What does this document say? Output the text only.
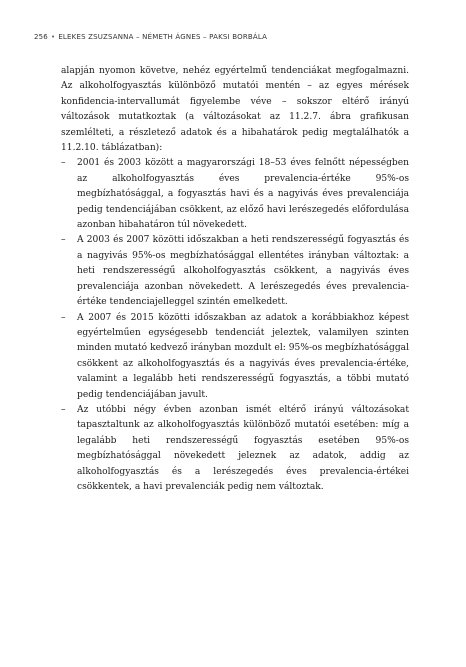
256 • ELEKES ZSUZSANNA – NÉMETH ÁGNES – PAKSI BORBÁLA

alapján nyomon követve, nehéz egyértelmű tendenciákat megfogalmazni. Az alkoholfogyasztás különböző mutatói mentén – az egyes mérések konfidencia-intervallumát figyelembe véve – sokszor eltérő irányú változások mutatkoztak (a változásokat az 11.2.7. ábra grafikusan szemlélteti, a részletező adatok és a hibahatárok pedig megtalálhatók a 11.2.10. táblázatban):

– 2001 és 2003 között a magyarországi 18–53 éves felnőtt népességben az alkoholfogyasztás éves prevalencia-értéke 95%-os megbízhatósággal, a fogyasztás havi és a nagyivás éves prevalenciája pedig tendenciájában csökkent, az előző havi lerészegedés előfordulása azonban hibahatáron túl növekedett.
– A 2003 és 2007 közötti időszakban a heti rendszerességű fogyasztás és a nagyivás 95%-os megbízhatósággal ellentétes irányban változtak: a heti rendszerességű alkoholfogyasztás csökkent, a nagyivás éves prevalenciája azonban növekedett. A lerészegedés éves prevalencia-értéke tendenciajelleggel szintén emelkedett.
– A 2007 és 2015 közötti időszakban az adatok a korábbiakhoz képest egyértelműen egységesebb tendenciát jeleztek, valamilyen szinten minden mutató kedvező irányban mozdult el: 95%-os megbízhatósággal csökkent az alkoholfogyasztás és a nagyivás éves prevalencia-értéke, valamint a legalább heti rendszerességű fogyasztás, a többi mutató pedig tendenciájában javult.
– Az utóbbi négy évben azonban ismét eltérő irányú változásokat tapasztaltunk az alkoholfogyasztás különböző mutatói esetében: míg a legalább heti rendszerességű fogyasztás esetében 95%-os megbízhatósággal növekedett jeleznek az adatok, addig az alkoholfogyasztás és a lerészegedés éves prevalencia-értékei csökkentek, a havi prevalenciák pedig nem változtak.
